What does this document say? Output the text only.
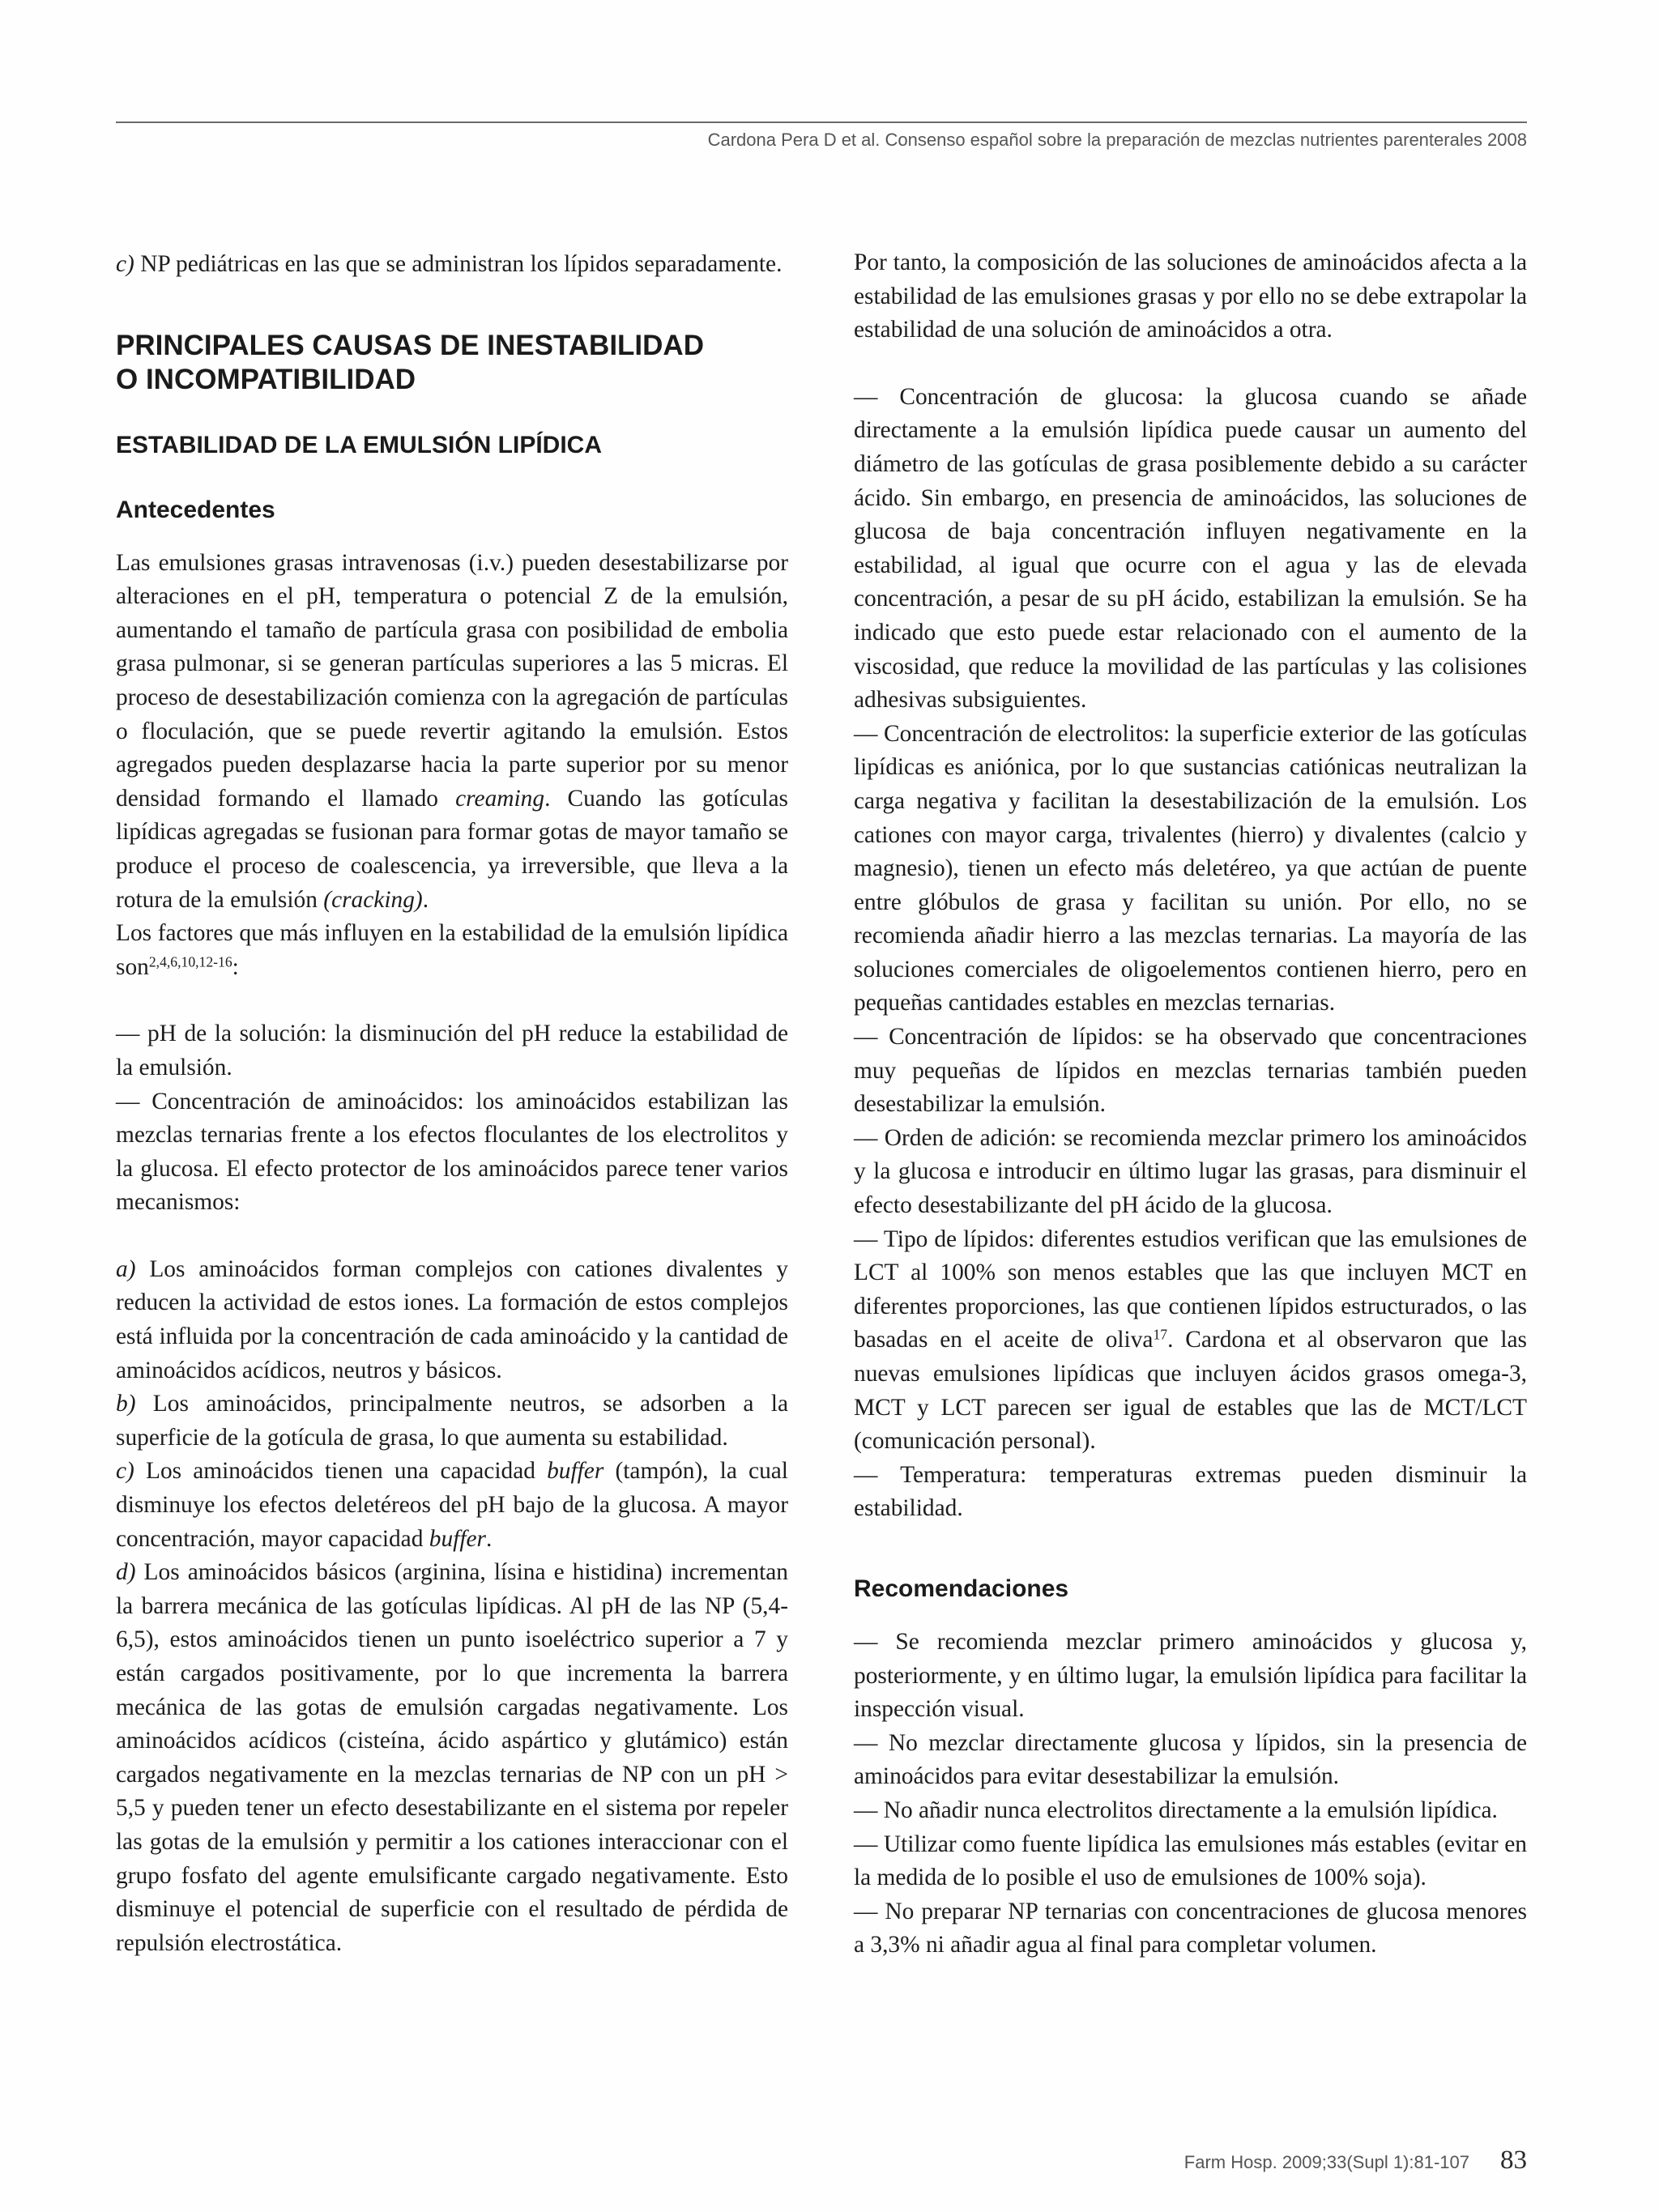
Cardona Pera D et al. Consenso español sobre la preparación de mezclas nutrientes parenterales 2008

c) NP pediátricas en las que se administran los lípidos separadamente.

PRINCIPALES CAUSAS DE INESTABILIDAD
O INCOMPATIBILIDAD
ESTABILIDAD DE LA EMULSIÓN LIPÍDICA
Antecedentes

Las emulsiones grasas intravenosas (i.v.) pueden desestabilizarse por alteraciones en el pH, temperatura o potencial Z de la emulsión, aumentando el tamaño de partícula grasa con posibilidad de embolia grasa pulmonar, si se generan partículas superiores a las 5 micras. El proceso de desestabilización comienza con la agregación de partículas o floculación, que se puede revertir agitando la emulsión. Estos agregados pueden desplazarse hacia la parte superior por su menor densidad formando el llamado creaming. Cuando las gotículas lipídicas agregadas se fusionan para formar gotas de mayor tamaño se produce el proceso de coalescencia, ya irreversible, que lleva a la rotura de la emulsión (cracking).

Los factores que más influyen en la estabilidad de la emulsión lipídica son$^{2,4,6,10,12-16}$:

— pH de la solución: la disminución del pH reduce la estabilidad de la emulsión.

— Concentración de aminoácidos: los aminoácidos estabilizan las mezclas ternarias frente a los efectos floculantes de los electrolitos y la glucosa. El efecto protector de los aminoácidos parece tener varios mecanismos:

a) Los aminoácidos forman complejos con cationes divalentes y reducen la actividad de estos iones. La formación de estos complejos está influida por la concentración de cada aminoácido y la cantidad de aminoácidos acídicos, neutros y básicos.

b) Los aminoácidos, principalmente neutros, se adsorben a la superficie de la gotícula de grasa, lo que aumenta su estabilidad.

c) Los aminoácidos tienen una capacidad buffer (tampón), la cual disminuye los efectos deletéreos del pH bajo de la glucosa. A mayor concentración, mayor capacidad buffer.

d) Los aminoácidos básicos (arginina, lísina e histidina) incrementan la barrera mecánica de las gotículas lipídicas. Al pH de las NP (5,4-6,5), estos aminoácidos tienen un punto isoeléctrico superior a 7 y están cargados positivamente, por lo que incrementa la barrera mecánica de las gotas de emulsión cargadas negativamente. Los aminoácidos acídicos (cisteína, ácido aspártico y glutámico) están cargados negativamente en la mezclas ternarias de NP con un pH > 5,5 y pueden tener un efecto desestabilizante en el sistema por repeler las gotas de la emulsión y permitir a los cationes interaccionar con el grupo fosfato del agente emulsificante cargado negativamente. Esto disminuye el potencial de superficie con el resultado de pérdida de repulsión electrostática.

Por tanto, la composición de las soluciones de aminoácidos afecta a la estabilidad de las emulsiones grasas y por ello no se debe extrapolar la estabilidad de una solución de aminoácidos a otra.

— Concentración de glucosa: la glucosa cuando se añade directamente a la emulsión lipídica puede causar un aumento del diámetro de las gotículas de grasa posiblemente debido a su carácter ácido. Sin embargo, en presencia de aminoácidos, las soluciones de glucosa de baja concentración influyen negativamente en la estabilidad, al igual que ocurre con el agua y las de elevada concentración, a pesar de su pH ácido, estabilizan la emulsión. Se ha indicado que esto puede estar relacionado con el aumento de la viscosidad, que reduce la movilidad de las partículas y las colisiones adhesivas subsiguientes.

— Concentración de electrolitos: la superficie exterior de las gotículas lipídicas es aniónica, por lo que sustancias catiónicas neutralizan la carga negativa y facilitan la desestabilización de la emulsión. Los cationes con mayor carga, trivalentes (hierro) y divalentes (calcio y magnesio), tienen un efecto más deletéreo, ya que actúan de puente entre glóbulos de grasa y facilitan su unión. Por ello, no se recomienda añadir hierro a las mezclas ternarias. La mayoría de las soluciones comerciales de oligoelementos contienen hierro, pero en pequeñas cantidades estables en mezclas ternarias.

— Concentración de lípidos: se ha observado que concentraciones muy pequeñas de lípidos en mezclas ternarias también pueden desestabilizar la emulsión.

— Orden de adición: se recomienda mezclar primero los aminoácidos y la glucosa e introducir en último lugar las grasas, para disminuir el efecto desestabilizante del pH ácido de la glucosa.

— Tipo de lípidos: diferentes estudios verifican que las emulsiones de LCT al 100% son menos estables que las que incluyen MCT en diferentes proporciones, las que contienen lípidos estructurados, o las basadas en el aceite de oliva$^{17}$. Cardona et al observaron que las nuevas emulsiones lipídicas que incluyen ácidos grasos omega-3, MCT y LCT parecen ser igual de estables que las de MCT/LCT (comunicación personal).

— Temperatura: temperaturas extremas pueden disminuir la estabilidad.

Recomendaciones

— Se recomienda mezclar primero aminoácidos y glucosa y, posteriormente, y en último lugar, la emulsión lipídica para facilitar la inspección visual.

— No mezclar directamente glucosa y lípidos, sin la presencia de aminoácidos para evitar desestabilizar la emulsión.

— No añadir nunca electrolitos directamente a la emulsión lipídica.

— Utilizar como fuente lipídica las emulsiones más estables (evitar en la medida de lo posible el uso de emulsiones de 100% soja).

— No preparar NP ternarias con concentraciones de glucosa menores a 3,3% ni añadir agua al final para completar volumen.

Farm Hosp. 2009;33(Supl 1):81-107 83
